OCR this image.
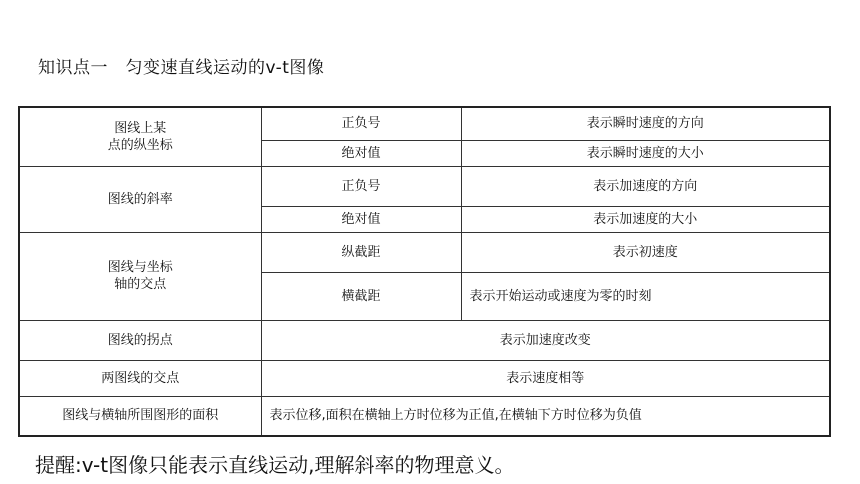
知识点一　匀变速直线运动的v-t图像
图线上某
点的纵坐标	正负号	表示瞬时速度的方向
	绝对值	表示瞬时速度的大小
图线的斜率	正负号	表示加速度的方向
	绝对值	表示加速度的大小

图线与坐标
轴的交点	纵截距	表示初速度
	横截距	表示开始运动或速度为零的时刻
图线的拐点	表示加速度改变	
两图线的交点	表示速度相等	
图线与横轴所围图形的面积	表示位移,面积在横轴上方时位移为正值,在横轴下方时位移为负值	
提醒:v-t图像只能表示直线运动,理解斜率的物理意义。
